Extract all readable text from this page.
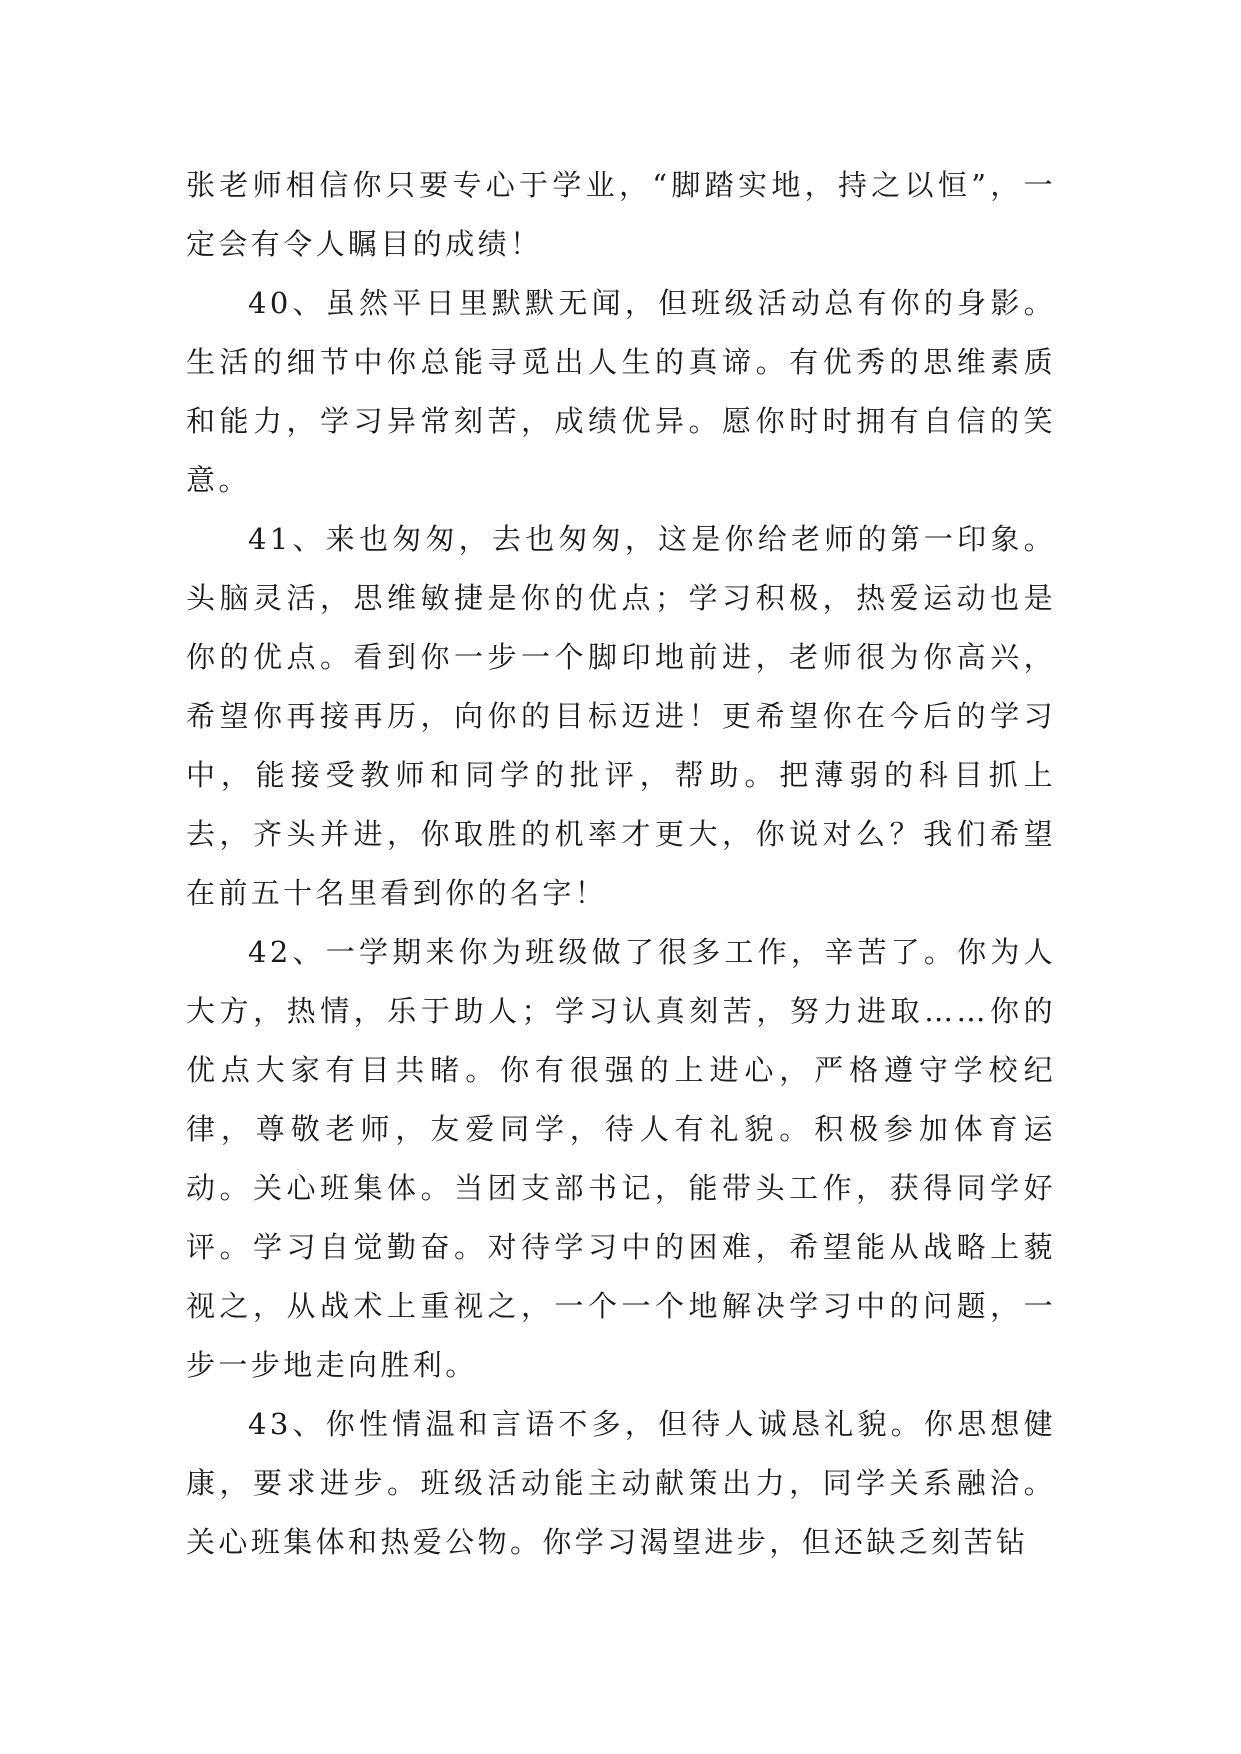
张老师相信你只要专心于学业，“脚踏实地，持之以恒”，一定会有令人瞩目的成绩！

40、虽然平日里默默无闻，但班级活动总有你的身影。生活的细节中你总能寻觅出人生的真谛。有优秀的思维素质和能力，学习异常刻苦，成绩优异。愿你时时拥有自信的笑意。

41、来也匆匆，去也匆匆，这是你给老师的第一印象。头脑灵活，思维敏捷是你的优点；学习积极，热爱运动也是你的优点。看到你一步一个脚印地前进，老师很为你高兴，希望你再接再历，向你的目标迈进！更希望你在今后的学习中，能接受教师和同学的批评，帮助。把薄弱的科目抓上去，齐头并进，你取胜的机率才更大，你说对么？我们希望在前五十名里看到你的名字！

42、一学期来你为班级做了很多工作，辛苦了。你为人大方，热情，乐于助人；学习认真刻苦，努力进取……你的优点大家有目共睹。你有很强的上进心，严格遵守学校纪律，尊敬老师，友爱同学，待人有礼貌。积极参加体育运动。关心班集体。当团支部书记，能带头工作，获得同学好评。学习自觉勤奋。对待学习中的困难，希望能从战略上藐视之，从战术上重视之，一个一个地解决学习中的问题，一步一步地走向胜利。

43、你性情温和言语不多，但待人诚恳礼貌。你思想健康，要求进步。班级活动能主动献策出力，同学关系融洽。关心班集体和热爱公物。你学习渴望进步，但还缺乏刻苦钻
